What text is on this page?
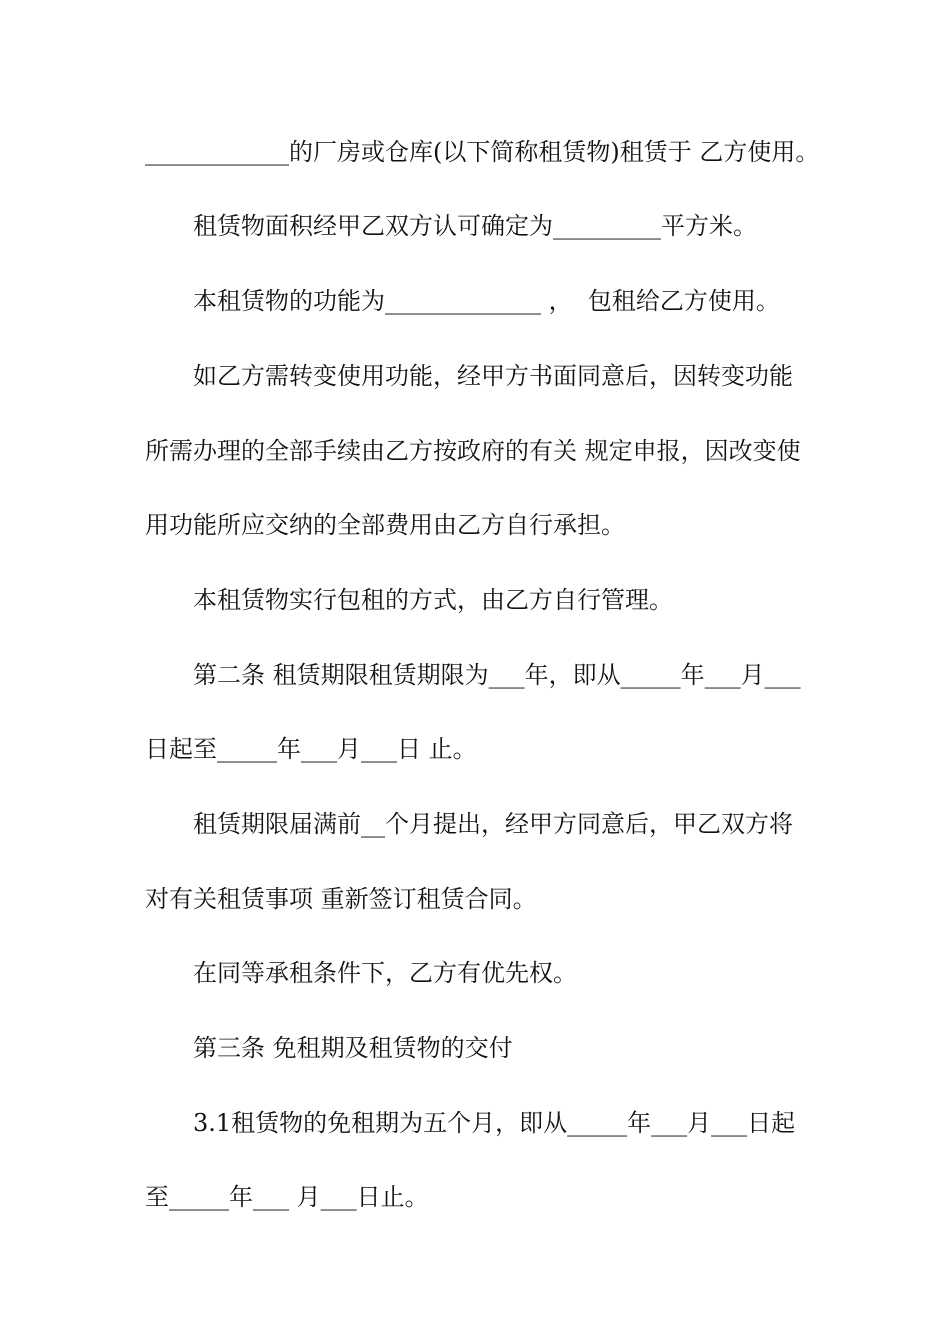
____________的厂房或仓库(以下简称租赁物)租赁于 乙方使用。
租赁物面积经甲乙双方认可确定为_________平方米。
本租赁物的功能为_____________ ，  包租给乙方使用。
如乙方需转变使用功能，经甲方书面同意后，因转变功能
所需办理的全部手续由乙方按政府的有关 规定申报，因改变使
用功能所应交纳的全部费用由乙方自行承担。
本租赁物实行包租的方式，由乙方自行管理。
第二条 租赁期限租赁期限为___年，即从_____年___月___
日起至_____年___月___日 止。
租赁期限届满前__个月提出，经甲方同意后，甲乙双方将
对有关租赁事项 重新签订租赁合同。
在同等承租条件下，乙方有优先权。
第三条 免租期及租赁物的交付
3.1租赁物的免租期为五个月，即从_____年___月___日起
至_____年___ 月___日止。
